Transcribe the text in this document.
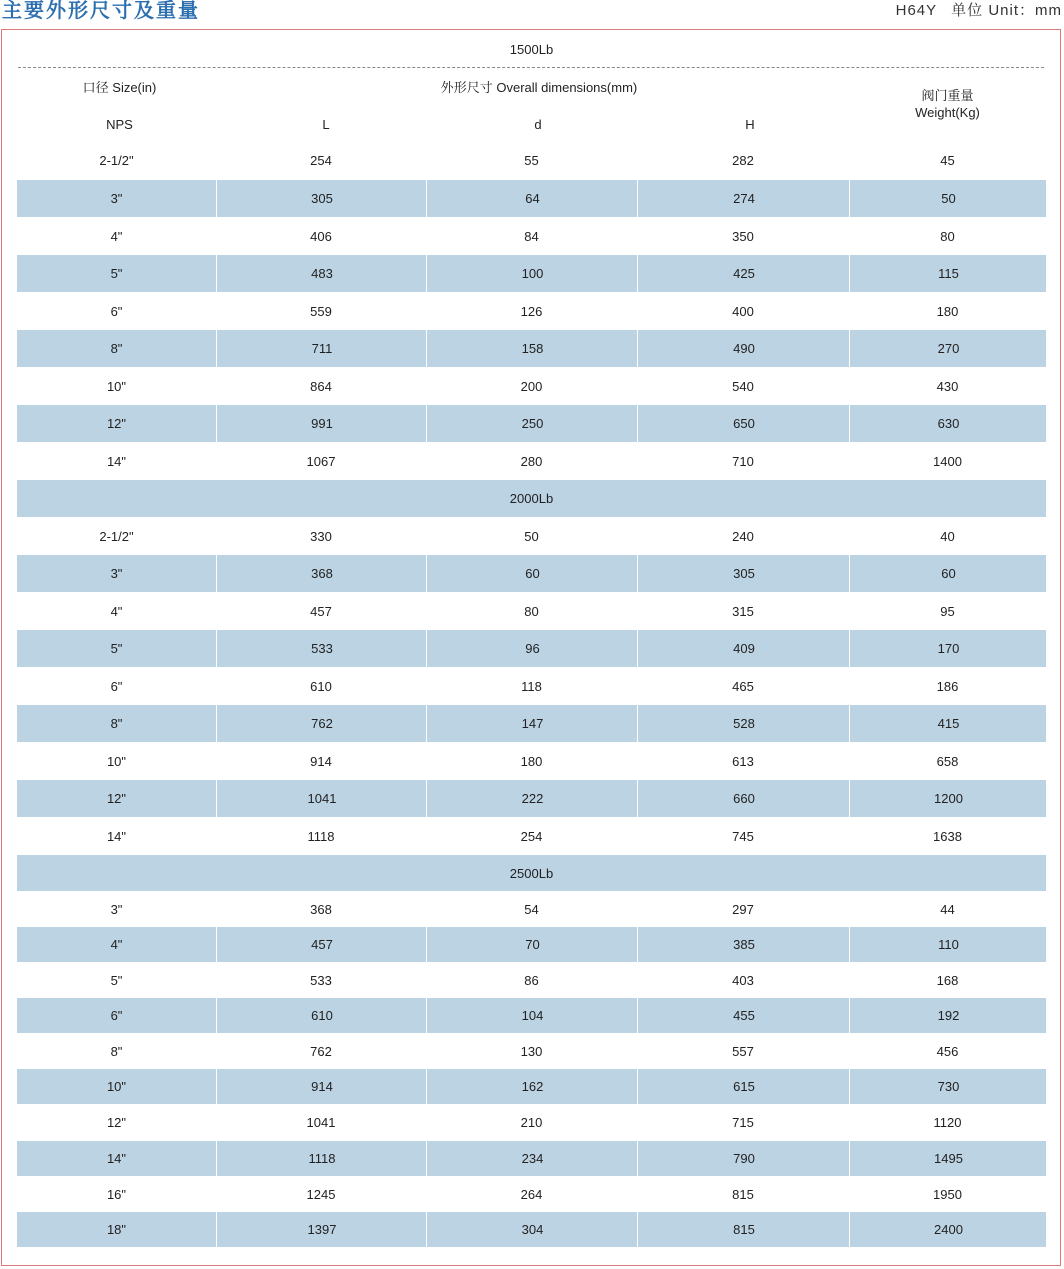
主要外形尺寸及重量	H64Y 单位 Unit：mm
1500Lb
口径 Size(in)	外形尺寸 Overall dimensions(mm)
阀门重量
Weight(Kg)
NPS	L	d	H
2-1/2"	254	55	282	45
3"	305	64	274	50
4"	406	84	350	80
5"	483	100	425	115
6"	559	126	400	180
8"	711	158	490	270
10"	864	200	540	430
12"	991	250	650	630
14"	1067	280	710	1400
2000Lb
2-1/2"	330	50	240	40
3"	368	60	305	60
4"	457	80	315	95
5"	533	96	409	170
6"	610	118	465	186
8"	762	147	528	415
10"	914	180	613	658
12"	1041	222	660	1200
14"	1118	254	745	1638
2500Lb
3"	368	54	297	44
4"	457	70	385	110
5"	533	86	403	168
6"	610	104	455	192
8"	762	130	557	456
10"	914	162	615	730
12"	1041	210	715	1120
14"	1118	234	790	1495
16"	1245	264	815	1950
18"	1397	304	815	2400
